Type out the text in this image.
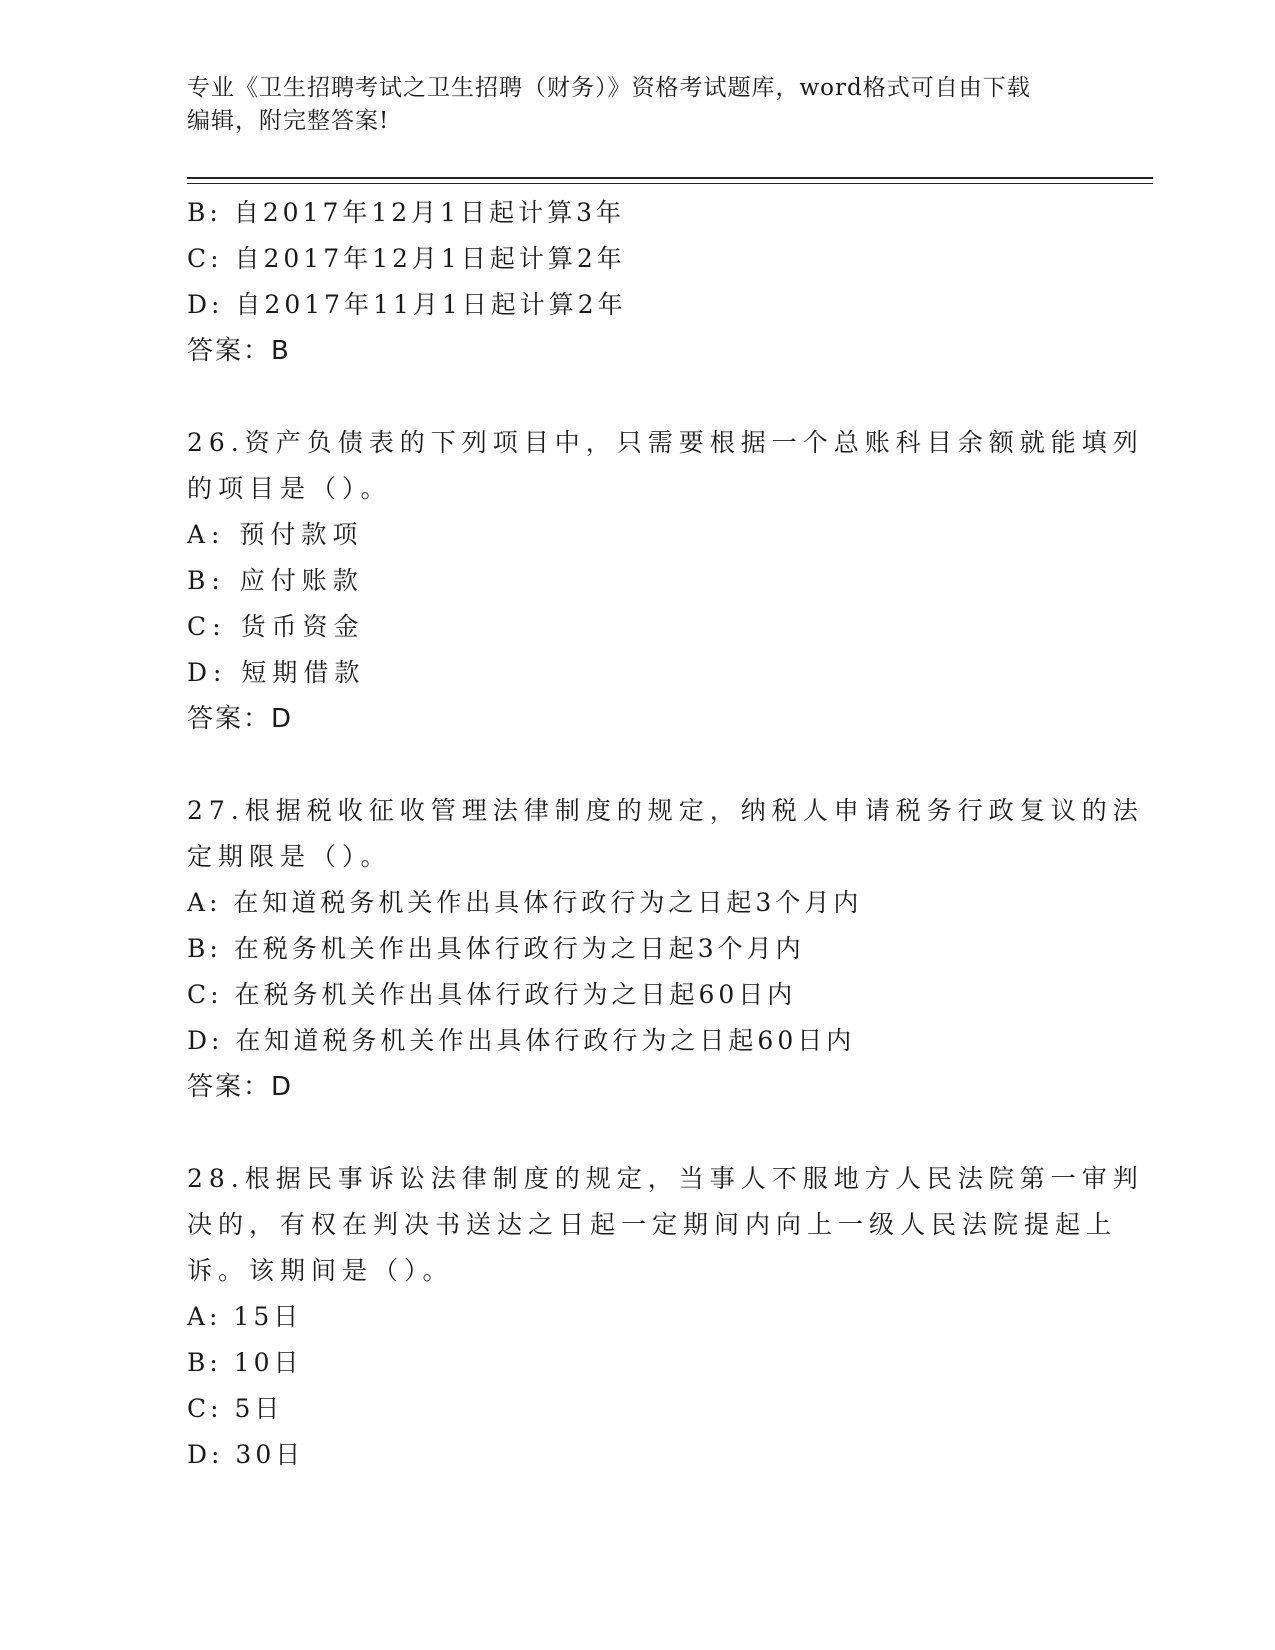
专业《卫生招聘考试之卫生招聘（财务）》资格考试题库，word格式可自由下载
编辑，附完整答案!
B: 自2017年12月1日起计算3年
C: 自2017年12月1日起计算2年
D: 自2017年11月1日起计算2年
答案：B
26.资产负债表的下列项目中，只需要根据一个总账科目余额就能填列
的项目是（）。
A: 预付款项
B: 应付账款
C: 货币资金
D: 短期借款
答案：D
27.根据税收征收管理法律制度的规定，纳税人申请税务行政复议的法
定期限是（）。
A: 在知道税务机关作出具体行政行为之日起3个月内
B: 在税务机关作出具体行政行为之日起3个月内
C: 在税务机关作出具体行政行为之日起60日内
D: 在知道税务机关作出具体行政行为之日起60日内
答案：D
28.根据民事诉讼法律制度的规定，当事人不服地方人民法院第一审判
决的，有权在判决书送达之日起一定期间内向上一级人民法院提起上
诉。该期间是（）。
A: 15日
B: 10日
C: 5日
D: 30日
